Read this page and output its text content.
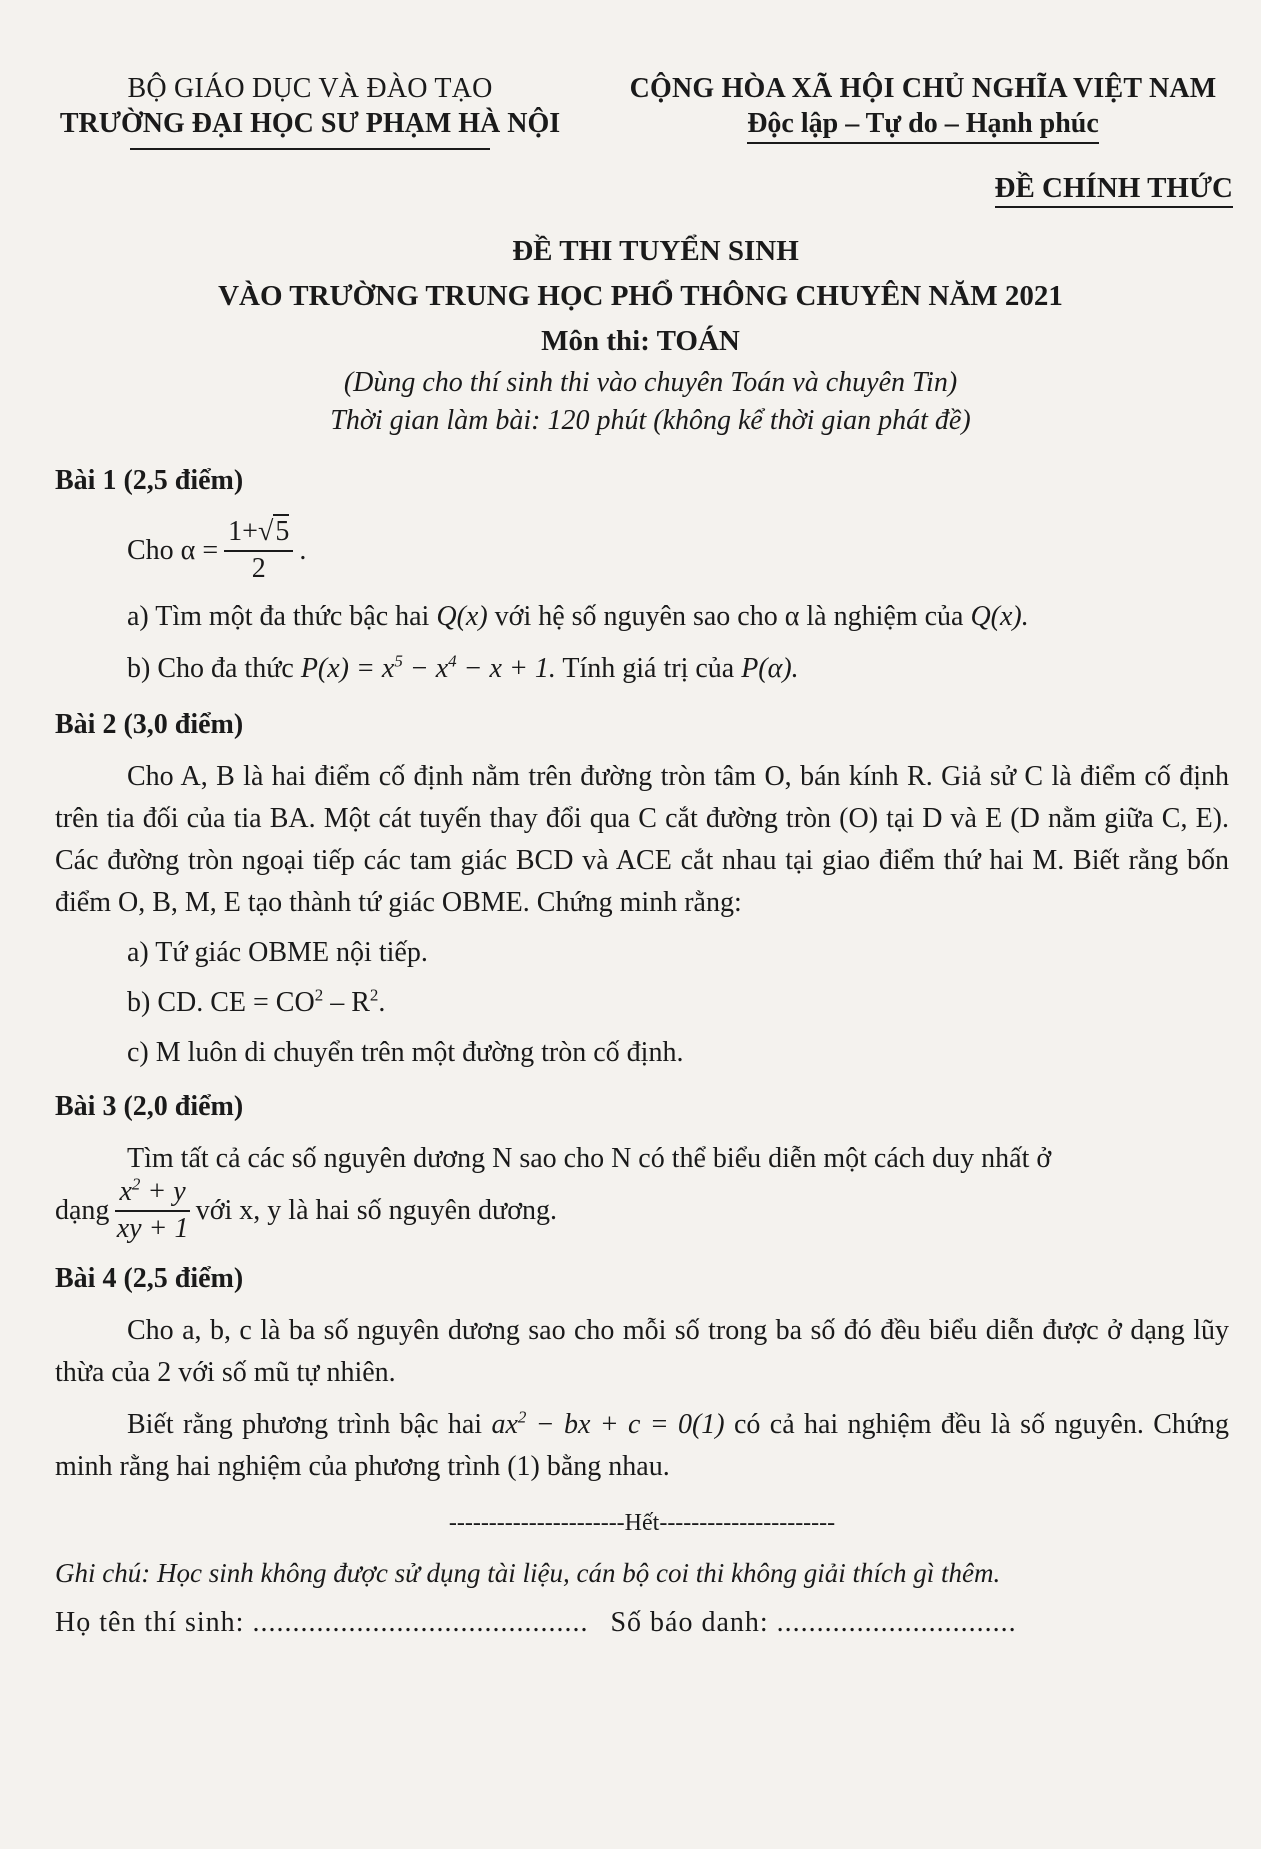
BỘ GIÁO DỤC VÀ ĐÀO TẠO
TRƯỜNG ĐẠI HỌC SƯ PHẠM HÀ NỘI
CỘNG HÒA XÃ HỘI CHỦ NGHĨA VIỆT NAM
Độc lập – Tự do – Hạnh phúc
ĐỀ CHÍNH THỨC
ĐỀ THI TUYỂN SINH
VÀO TRƯỜNG TRUNG HỌC PHỔ THÔNG CHUYÊN NĂM 2021
Môn thi: TOÁN
(Dùng cho thí sinh thi vào chuyên Toán và chuyên Tin)
Thời gian làm bài: 120 phút (không kể thời gian phát đề)
Bài 1 (2,5 điểm)
Cho $\alpha = \frac{1+√5}{2}$ .
a) Tìm một đa thức bậc hai Q(x) với hệ số nguyên sao cho α là nghiệm của Q(x).
b) Cho đa thức $P(x) = x^5 - x^4 - x + 1$. Tính giá trị của P(α).
Bài 2 (3,0 điểm)
Cho A, B là hai điểm cố định nằm trên đường tròn tâm O, bán kính R. Giả sử C là điểm cố định trên tia đối của tia BA. Một cát tuyến thay đổi qua C cắt đường tròn (O) tại D và E (D nằm giữa C, E). Các đường tròn ngoại tiếp các tam giác BCD và ACE cắt nhau tại giao điểm thứ hai M. Biết rằng bốn điểm O, B, M, E tạo thành tứ giác OBME. Chứng minh rằng:
a) Tứ giác OBME nội tiếp.
b) CD. CE = $CO^2 - R^2$.
c) M luôn di chuyển trên một đường tròn cố định.
Bài 3 (2,0 điểm)
Tìm tất cả các số nguyên dương N sao cho N có thể biểu diễn một cách duy nhất ở
dạng $\frac{x^2 + y}{xy + 1}$ với x, y là hai số nguyên dương.
Bài 4 (2,5 điểm)
Cho a, b, c là ba số nguyên dương sao cho mỗi số trong ba số đó đều biểu diễn được ở dạng lũy thừa của 2 với số mũ tự nhiên.
Biết rằng phương trình bậc hai $ax^2$ − bx + c = 0(1) có cả hai nghiệm đều là số nguyên. Chứng minh rằng hai nghiệm của phương trình (1) bằng nhau.
----------------------Hết----------------------
Ghi chú: Học sinh không được sử dụng tài liệu, cán bộ coi thi không giải thích gì thêm.
Họ tên thí sinh: .......................................... Số báo danh: ..............................
